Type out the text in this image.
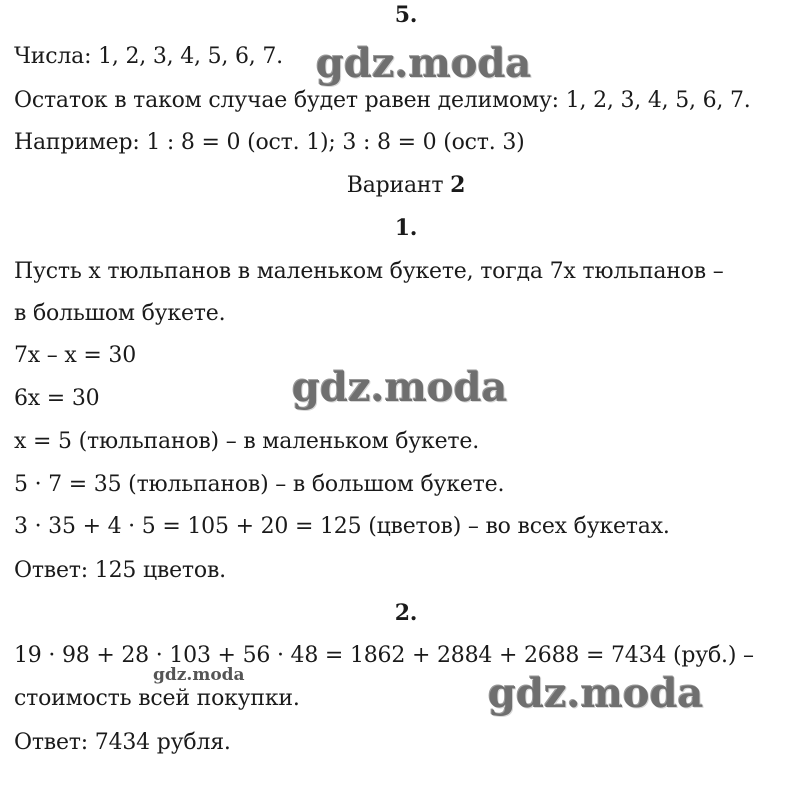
5.
Числа: 1, 2, 3, 4, 5, 6, 7.
Остаток в таком случае будет равен делимому: 1, 2, 3, 4, 5, 6, 7.
Например: 1 : 8 = 0 (ост. 1); 3 : 8 = 0 (ост. 3)
Вариант 2
1.
Пусть x тюльпанов в маленьком букете, тогда 7x тюльпанов –
в большом букете.
7x – x = 30
6x = 30
x = 5 (тюльпанов) – в маленьком букете.
5 · 7 = 35 (тюльпанов) – в большом букете.
3 · 35 + 4 · 5 = 105 + 20 = 125 (цветов) – во всех букетах.
Ответ: 125 цветов.
2.
19 · 98 + 28 · 103 + 56 · 48 = 1862 + 2884 + 2688 = 7434 (руб.) –
стоимость всей покупки.
Ответ: 7434 рубля.
gdz.moda
gdz.moda
gdz.moda
gdz.moda
